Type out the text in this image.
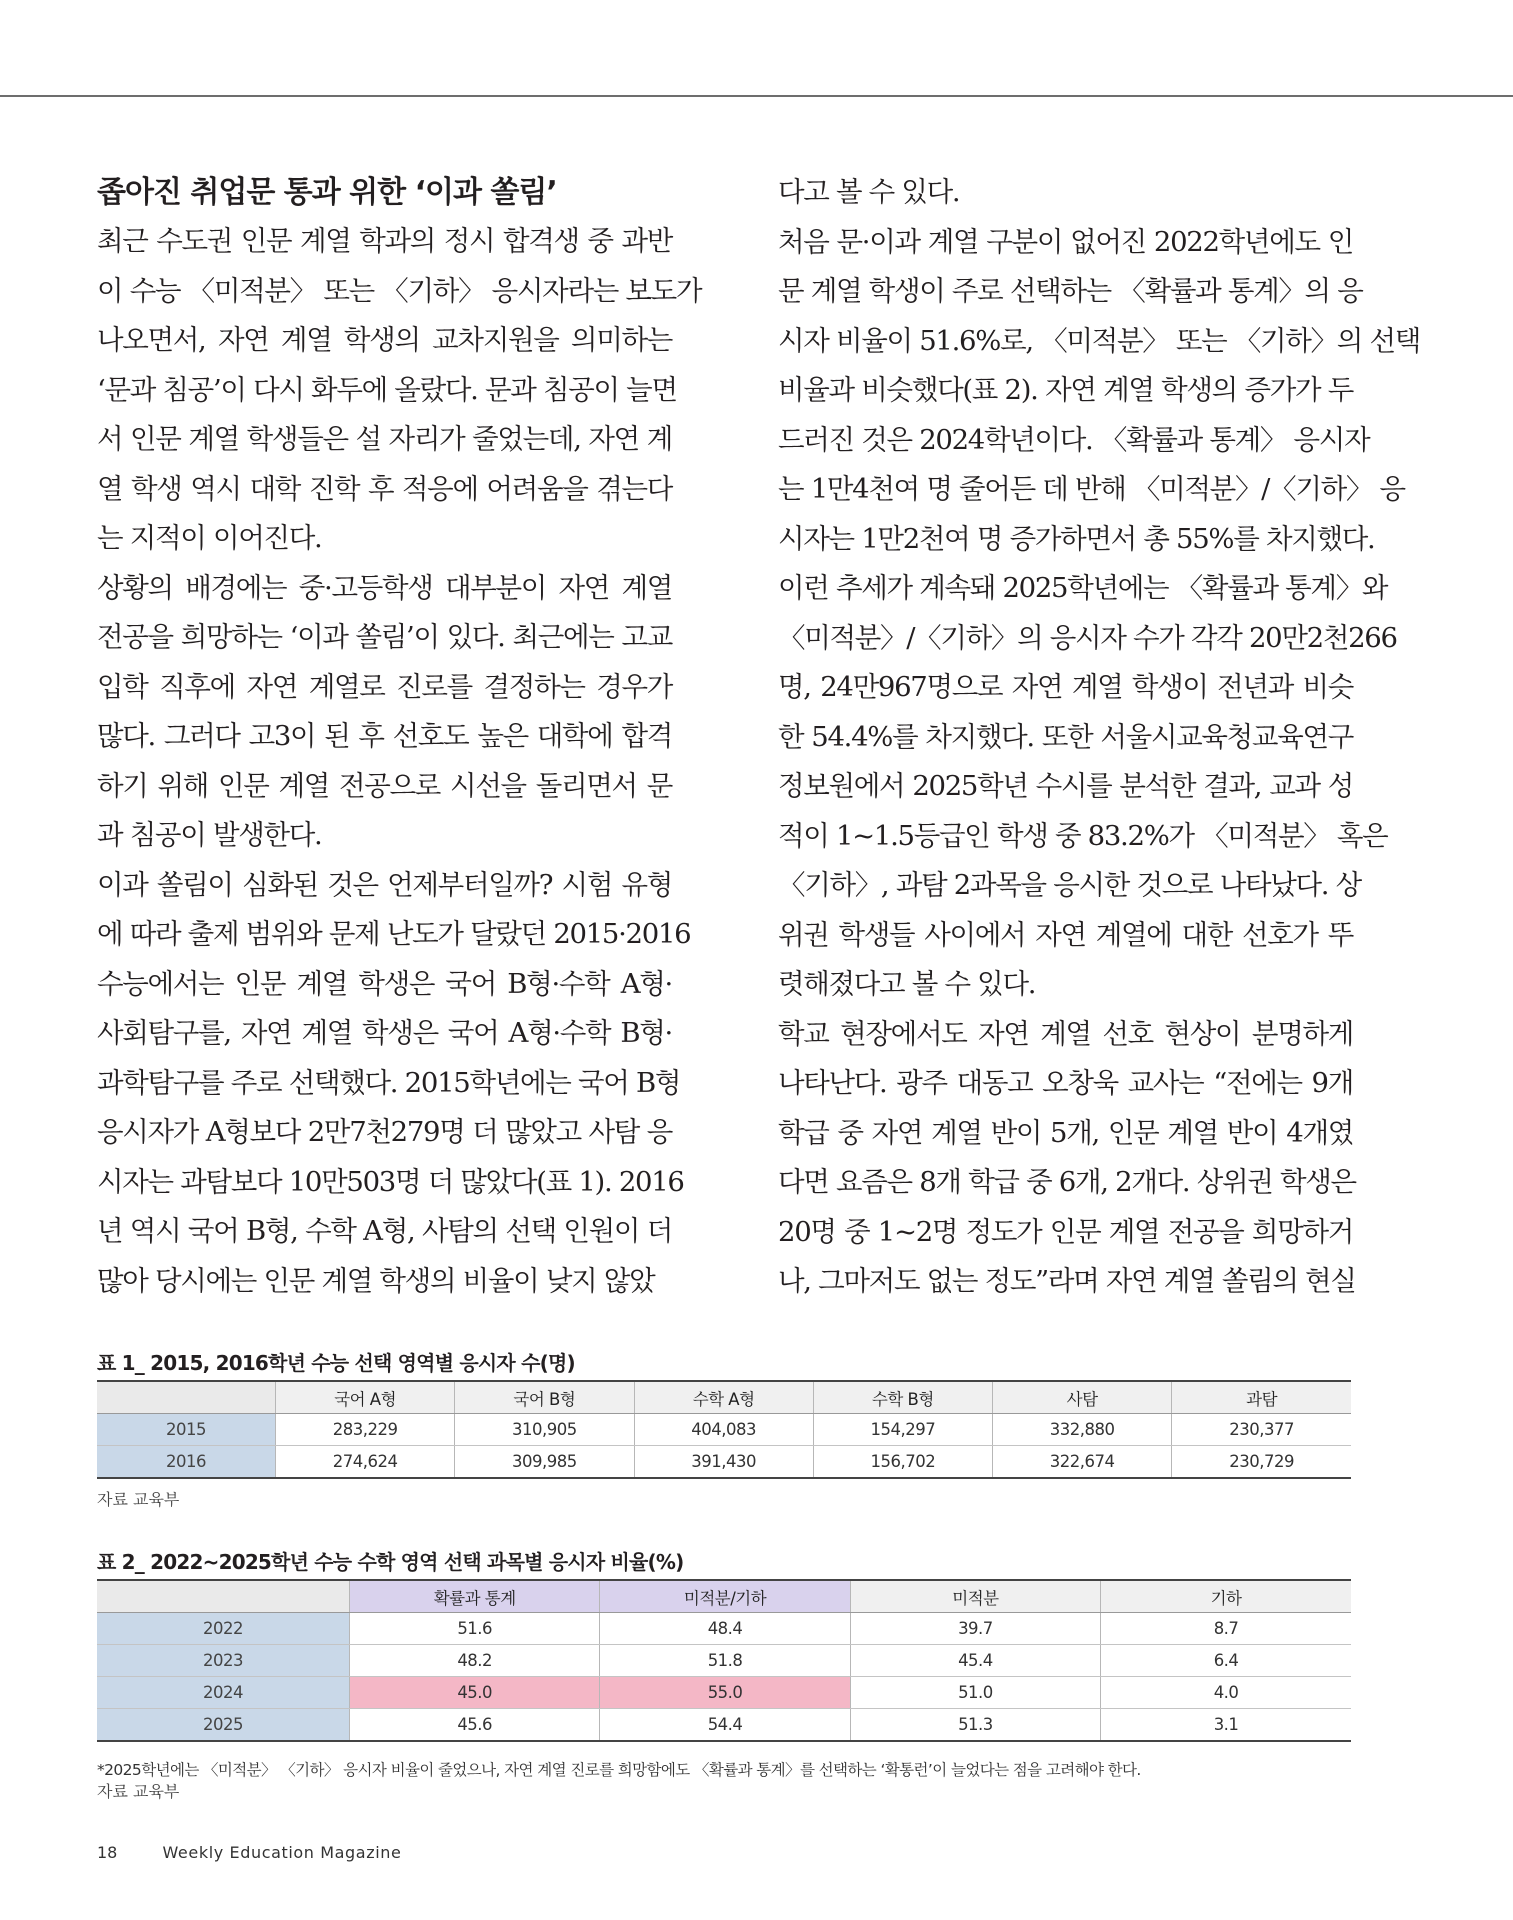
좁아진 취업문 통과 위한 ‘이과 쏠림’
최근 수도권 인문 계열 학과의 정시 합격생 중 과반
이 수능 〈미적분〉 또는 〈기하〉 응시자라는 보도가
나오면서, 자연 계열 학생의 교차지원을 의미하는
‘문과 침공’이 다시 화두에 올랐다. 문과 침공이 늘면
서 인문 계열 학생들은 설 자리가 줄었는데, 자연 계
열 학생 역시 대학 진학 후 적응에 어려움을 겪는다
는 지적이 이어진다.
상황의 배경에는 중·고등학생 대부분이 자연 계열
전공을 희망하는 ‘이과 쏠림’이 있다. 최근에는 고교
입학 직후에 자연 계열로 진로를 결정하는 경우가
많다. 그러다 고3이 된 후 선호도 높은 대학에 합격
하기 위해 인문 계열 전공으로 시선을 돌리면서 문
과 침공이 발생한다.
이과 쏠림이 심화된 것은 언제부터일까? 시험 유형
에 따라 출제 범위와 문제 난도가 달랐던 2015·2016
수능에서는 인문 계열 학생은 국어 B형·수학 A형·
사회탐구를, 자연 계열 학생은 국어 A형·수학 B형·
과학탐구를 주로 선택했다. 2015학년에는 국어 B형
응시자가 A형보다 2만7천279명 더 많았고 사탐 응
시자는 과탐보다 10만503명 더 많았다(표 1). 2016
년 역시 국어 B형, 수학 A형, 사탐의 선택 인원이 더
많아 당시에는 인문 계열 학생의 비율이 낮지 않았
다고 볼 수 있다.
처음 문·이과 계열 구분이 없어진 2022학년에도 인
문 계열 학생이 주로 선택하는 〈확률과 통계〉의 응
시자 비율이 51.6%로, 〈미적분〉 또는 〈기하〉의 선택
비율과 비슷했다(표 2). 자연 계열 학생의 증가가 두
드러진 것은 2024학년이다. 〈확률과 통계〉 응시자
는 1만4천여 명 줄어든 데 반해 〈미적분〉/〈기하〉 응
시자는 1만2천여 명 증가하면서 총 55%를 차지했다.
이런 추세가 계속돼 2025학년에는 〈확률과 통계〉와
〈미적분〉/〈기하〉의 응시자 수가 각각 20만2천266
명, 24만967명으로 자연 계열 학생이 전년과 비슷
한 54.4%를 차지했다. 또한 서울시교육청교육연구
정보원에서 2025학년 수시를 분석한 결과, 교과 성
적이 1~1.5등급인 학생 중 83.2%가 〈미적분〉 혹은
〈기하〉, 과탐 2과목을 응시한 것으로 나타났다. 상
위권 학생들 사이에서 자연 계열에 대한 선호가 뚜
렷해졌다고 볼 수 있다.
학교 현장에서도 자연 계열 선호 현상이 분명하게
나타난다. 광주 대동고 오창욱 교사는 “전에는 9개
학급 중 자연 계열 반이 5개, 인문 계열 반이 4개였
다면 요즘은 8개 학급 중 6개, 2개다. 상위권 학생은
20명 중 1~2명 정도가 인문 계열 전공을 희망하거
나, 그마저도 없는 정도”라며 자연 계열 쏠림의 현실
표 1_ 2015, 2016학년 수능 선택 영역별 응시자 수(명)
	국어 A형	국어 B형	수학 A형	수학 B형	사탐	과탐
2015	283,229	310,905	404,083	154,297	332,880	230,377
2016	274,624	309,985	391,430	156,702	322,674	230,729
자료 교육부
표 2_ 2022~2025학년 수능 수학 영역 선택 과목별 응시자 비율(%)
	확률과 통계	미적분/기하	미적분	기하
2022	51.6	48.4	39.7	8.7
2023	48.2	51.8	45.4	6.4
2024	45.0	55.0	51.0	4.0
2025	45.6	54.4	51.3	3.1
*2025학년에는 〈미적분〉 〈기하〉 응시자 비율이 줄었으나, 자연 계열 진로를 희망함에도 〈확률과 통계〉를 선택하는 ‘확통런’이 늘었다는 점을 고려해야 한다.
자료 교육부
18	Weekly Education Magazine
